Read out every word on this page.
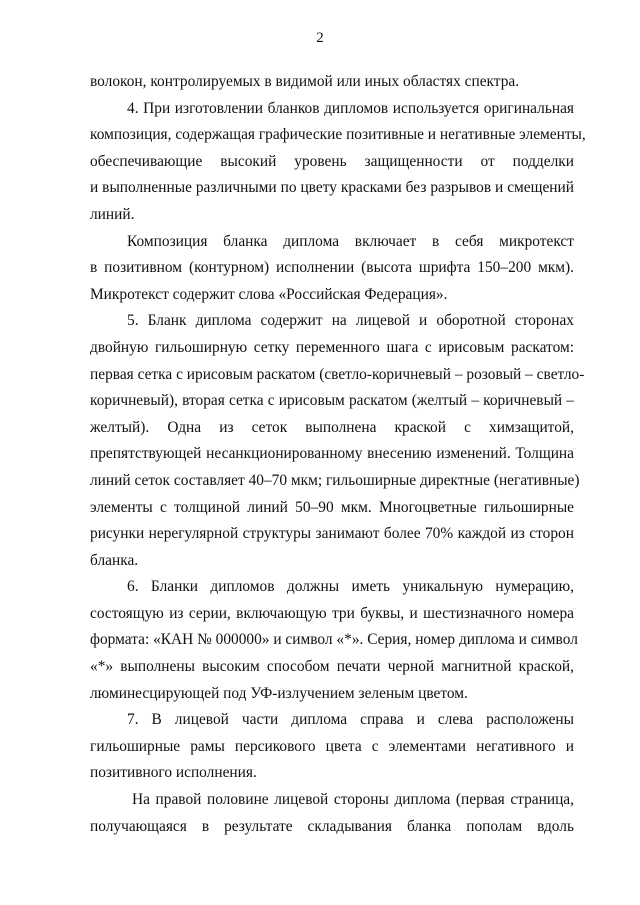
2
волокон, контролируемых в видимой или иных областях спектра.
4. При изготовлении бланков дипломов используется оригинальная
композиция, содержащая графические позитивные и негативные элементы,
обеспечивающие высокий уровень защищенности от подделки
и выполненные различными по цвету красками без разрывов и смещений
линий.
Композиция бланка диплома включает в себя микротекст
в позитивном (контурном) исполнении (высота шрифта 150–200 мкм).
Микротекст содержит слова «Российская Федерация».
5. Бланк диплома содержит на лицевой и оборотной сторонах
двойную гильоширную сетку переменного шага с ирисовым раскатом:
первая сетка с ирисовым раскатом (светло-коричневый – розовый – светло-
коричневый), вторая сетка с ирисовым раскатом (желтый – коричневый –
желтый). Одна из сеток выполнена краской с химзащитой,
препятствующей несанкционированному внесению изменений. Толщина
линий сеток составляет 40–70 мкм; гильоширные директные (негативные)
элементы с толщиной линий 50–90 мкм. Многоцветные гильоширные
рисунки нерегулярной структуры занимают более 70% каждой из сторон
бланка.
6. Бланки дипломов должны иметь уникальную нумерацию,
состоящую из серии, включающую три буквы, и шестизначного номера
формата: «КАН № 000000» и символ «*». Серия, номер диплома и символ
«*» выполнены высоким способом печати черной магнитной краской,
люминесцирующей под УФ-излучением зеленым цветом.
7. В лицевой части диплома справа и слева расположены
гильоширные рамы персикового цвета с элементами негативного и
позитивного исполнения.
На правой половине лицевой стороны диплома (первая страница,
получающаяся в результате складывания бланка пополам вдоль
